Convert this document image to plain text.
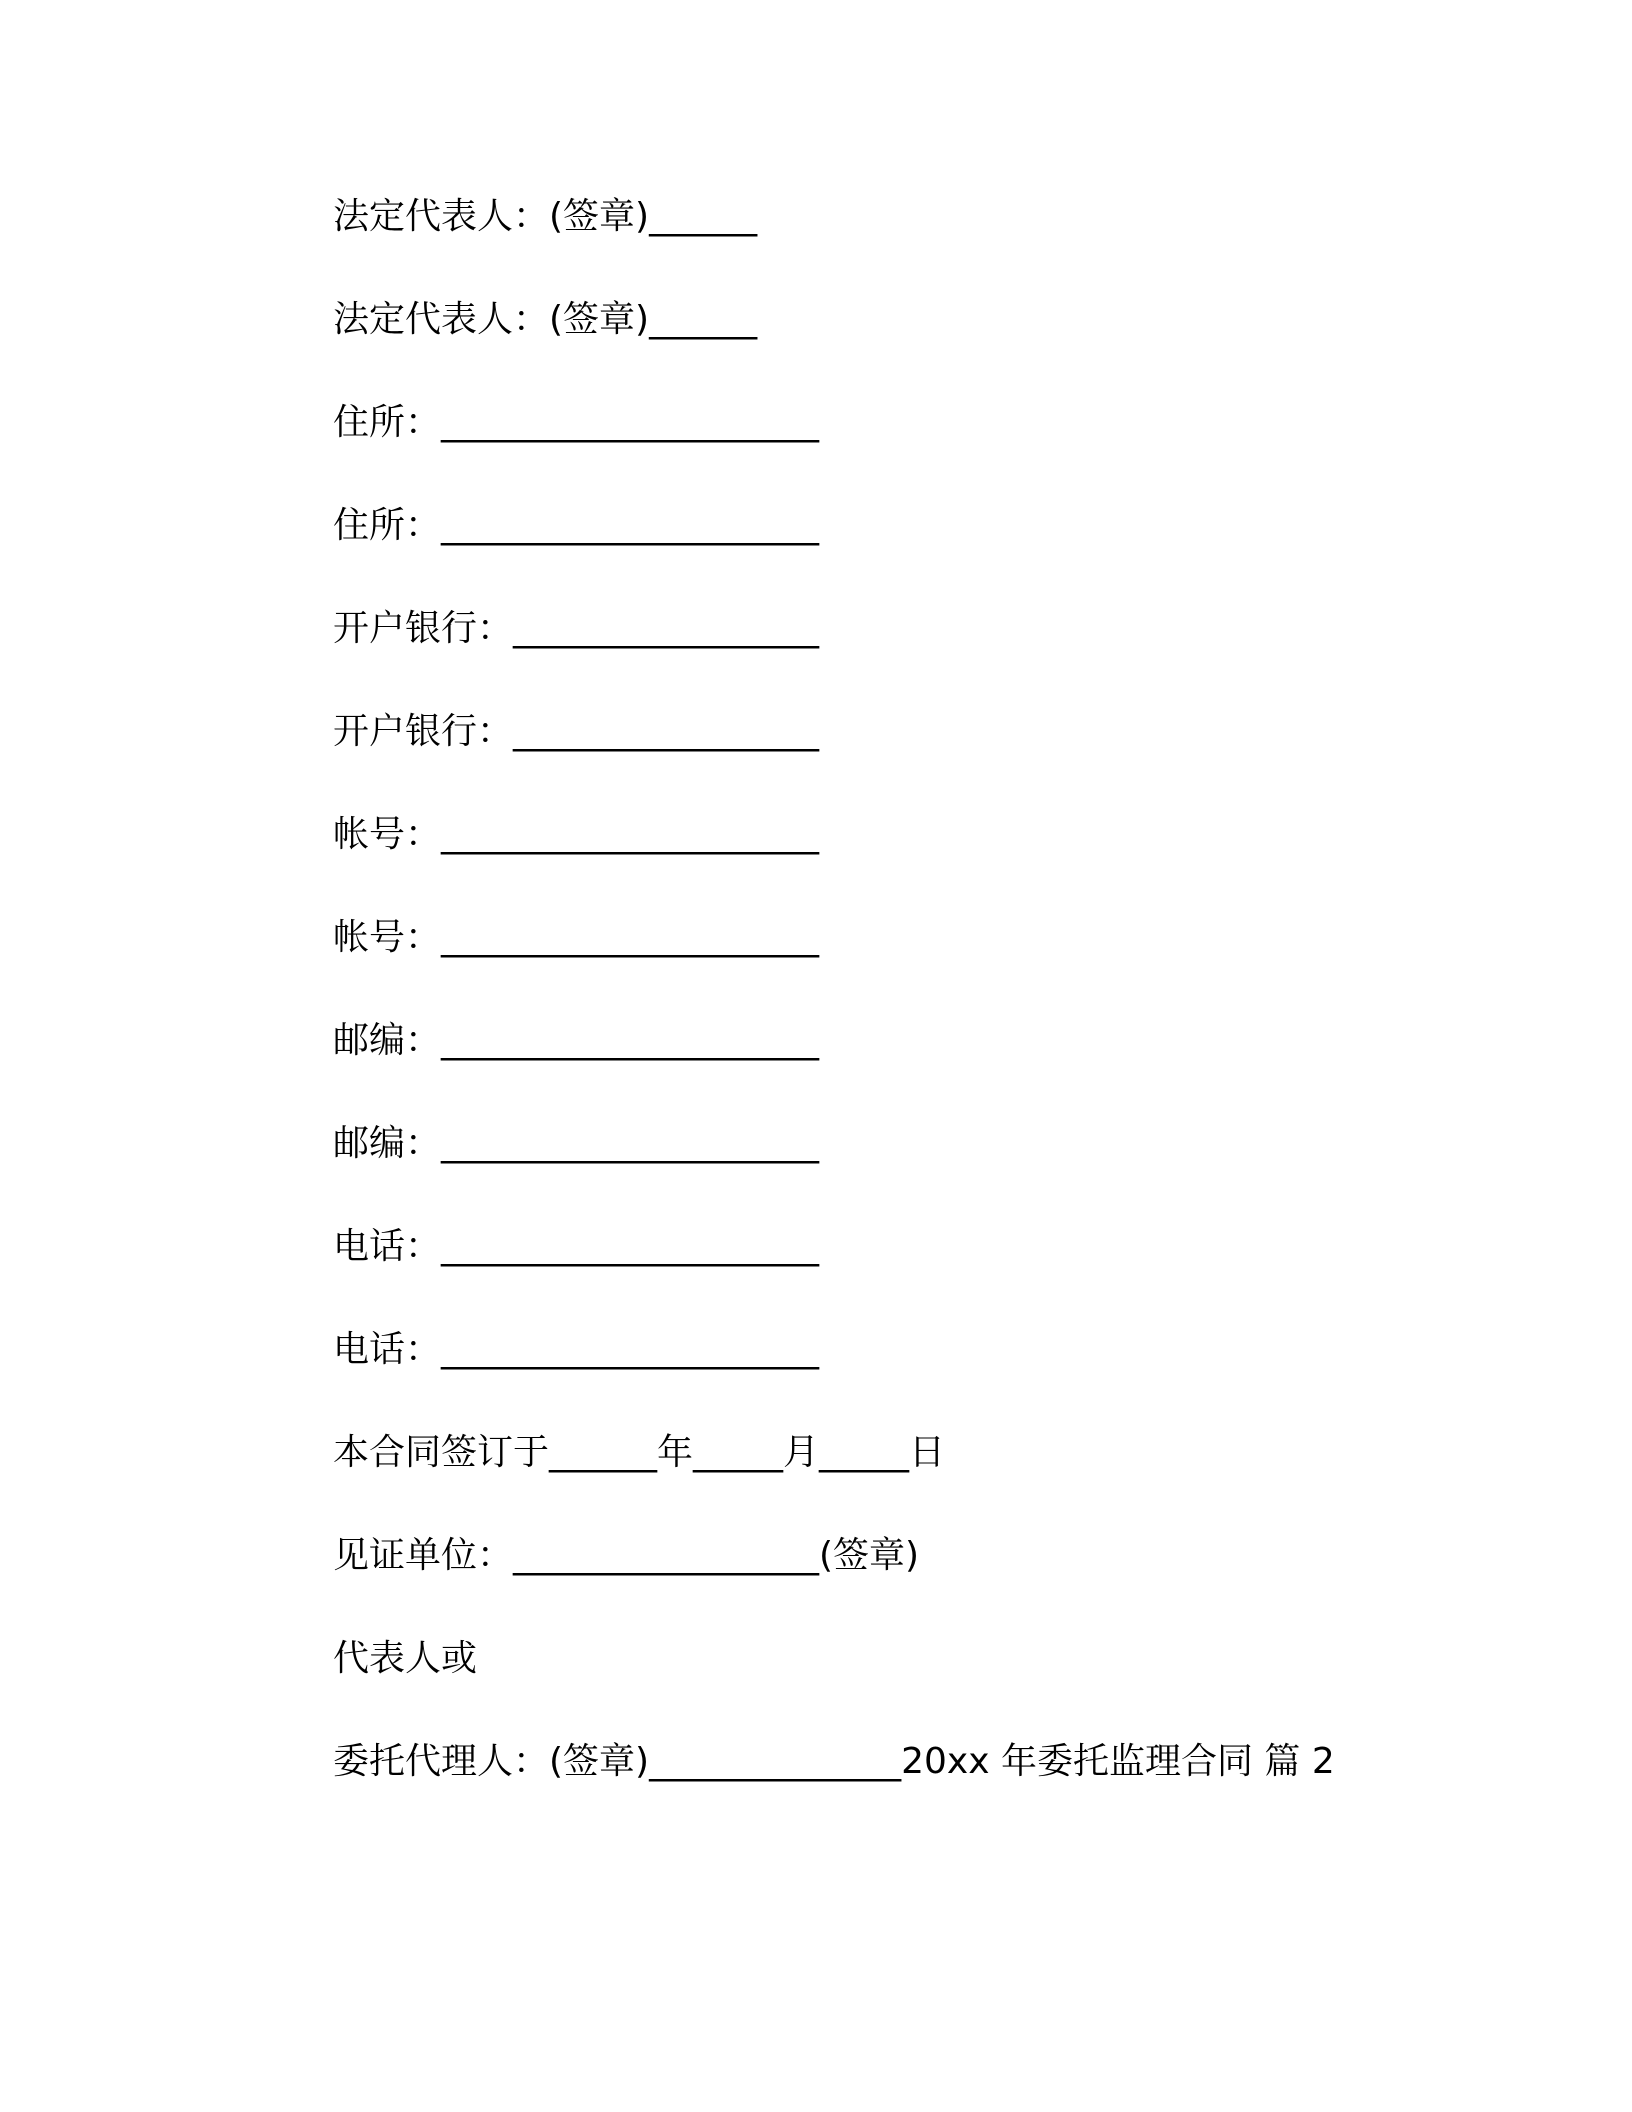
法定代表人：(签章)______
法定代表人：(签章)______
住所：_____________________
住所：_____________________
开户银行：_________________
开户银行：_________________
帐号：_____________________
帐号：_____________________
邮编：_____________________
邮编：_____________________
电话：_____________________
电话：_____________________
本合同签订于______年_____月_____日
见证单位：_________________(签章)
代表人或
委托代理人：(签章)______________20xx 年委托监理合同 篇 2
